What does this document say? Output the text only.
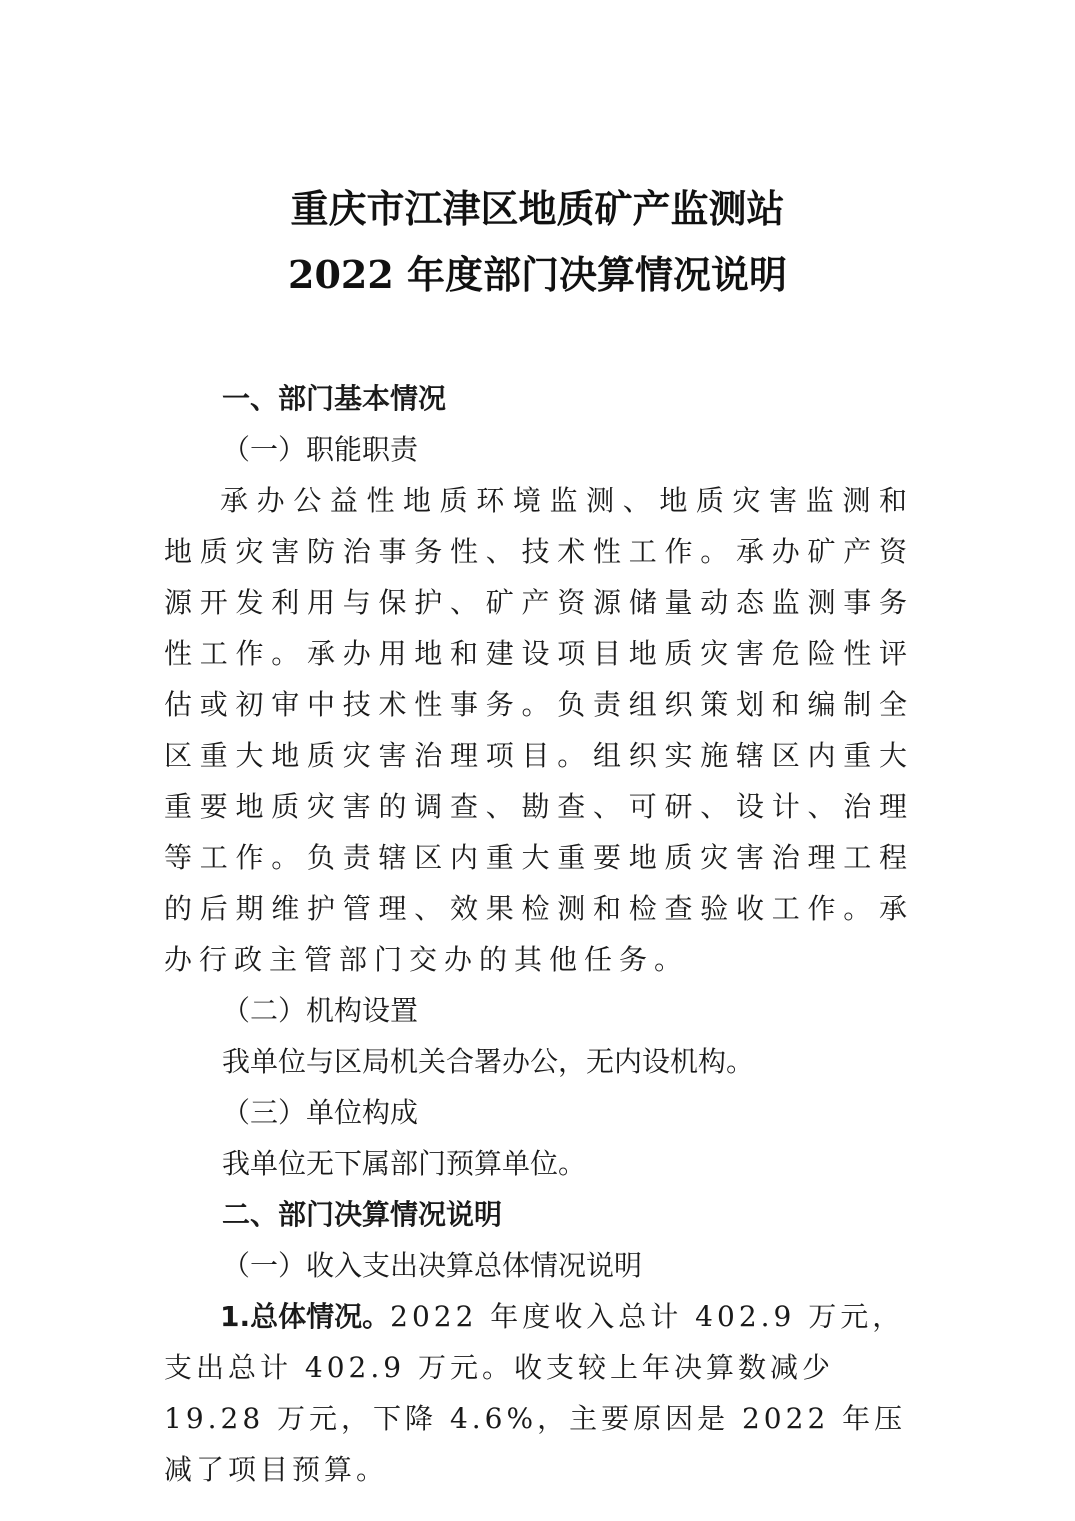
重庆市江津区地质矿产监测站
2022 年度部门决算情况说明
一、部门基本情况
（一）职能职责

承办公益性地质环境监测、地质灾害监测和地质灾害防治事务性、技术性工作。承办矿产资源开发利用与保护、矿产资源储量动态监测事务性工作。承办用地和建设项目地质灾害危险性评估或初审中技术性事务。负责组织策划和编制全区重大地质灾害治理项目。组织实施辖区内重大重要地质灾害的调查、勘查、可研、设计、治理等工作。负责辖区内重大重要地质灾害治理工程的后期维护管理、效果检测和检查验收工作。承办行政主管部门交办的其他任务。

（二）机构设置
我单位与区局机关合署办公，无内设机构。
（三）单位构成
我单位无下属部门预算单位。
二、部门决算情况说明
（一）收入支出决算总体情况说明

1.总体情况。2022 年度收入总计 402.9 万元，支出总计 402.9 万元。收支较上年决算数减少 19.28 万元，下降 4.6%，主要原因是 2022 年压减了项目预算。
